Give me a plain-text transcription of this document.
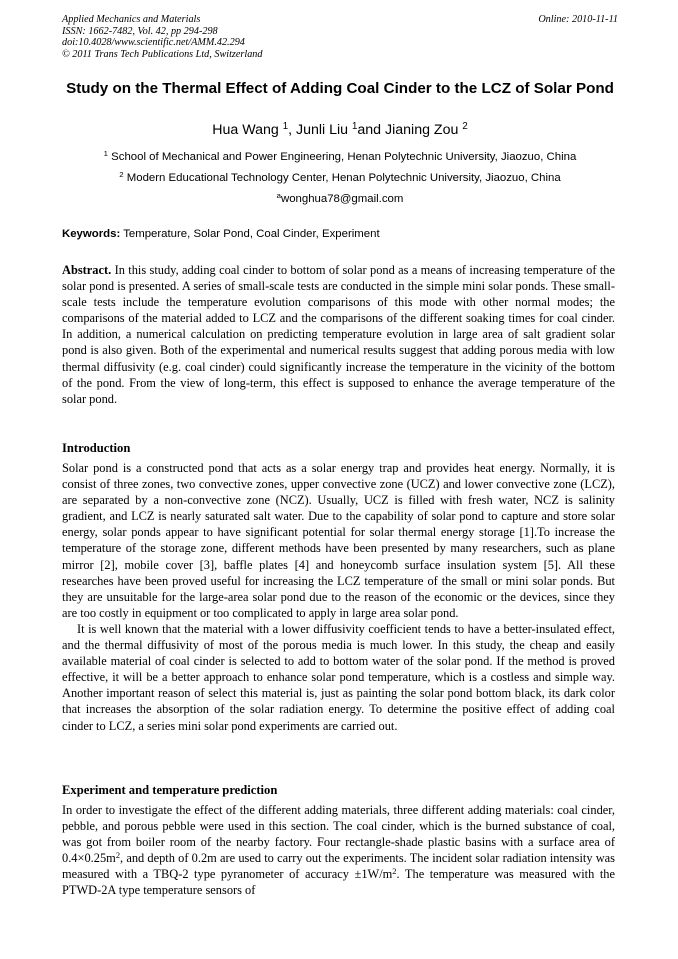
Applied Mechanics and Materials
ISSN: 1662-7482, Vol. 42, pp 294-298
doi:10.4028/www.scientific.net/AMM.42.294
© 2011 Trans Tech Publications Ltd, Switzerland
Online: 2010-11-11
Study on the Thermal Effect of Adding Coal Cinder to the LCZ of Solar Pond
Hua Wang $^1$, Junli Liu $^1$and Jianing Zou $^2$
$^1$ School of Mechanical and Power Engineering, Henan Polytechnic University, Jiaozuo, China
$^2$ Modern Educational Technology Center, Henan Polytechnic University, Jiaozuo, China
$^a$wonghua78@gmail.com
Keywords: Temperature, Solar Pond, Coal Cinder, Experiment

Abstract. In this study, adding coal cinder to bottom of solar pond as a means of increasing temperature of the solar pond is presented. A series of small-scale tests are conducted in the simple mini solar ponds. These small-scale tests include the temperature evolution comparisons of this mode with other normal modes; the comparisons of the material added to LCZ and the comparisons of the different soaking times for coal cinder. In addition, a numerical calculation on predicting temperature evolution in large area of salt gradient solar pond is also given. Both of the experimental and numerical results suggest that adding porous media with low thermal diffusivity (e.g. coal cinder) could significantly increase the temperature in the vicinity of the bottom of the pond. From the view of long-term, this effect is supposed to enhance the average temperature of the solar pond.

Introduction

Solar pond is a constructed pond that acts as a solar energy trap and provides heat energy. Normally, it is consist of three zones, two convective zones, upper convective zone (UCZ) and lower convective zone (LCZ), are separated by a non-convective zone (NCZ). Usually, UCZ is filled with fresh water, NCZ is salinity gradient, and LCZ is nearly saturated salt water. Due to the capability of solar pond to capture and store solar energy, solar ponds appear to have significant potential for solar thermal energy storage [1].To increase the temperature of the storage zone, different methods have been presented by many researchers, such as plane mirror [2], mobile cover [3], baffle plates [4] and honeycomb surface insulation system [5]. All these researches have been proved useful for increasing the LCZ temperature of the small or mini solar ponds. But they are unsuitable for the large-area solar pond due to the reason of the economic or the devices, since they are too costly in equipment or too complicated to apply in large area solar pond.

It is well known that the material with a lower diffusivity coefficient tends to have a better-insulated effect, and the thermal diffusivity of most of the porous media is much lower. In this study, the cheap and easily available material of coal cinder is selected to add to bottom water of the solar pond. If the method is proved effective, it will be a better approach to enhance solar pond temperature, which is a costless and simple way. Another important reason of select this material is, just as painting the solar pond bottom black, its dark color that increases the absorption of the solar radiation energy. To determine the positive effect of adding coal cinder to LCZ, a series mini solar pond experiments are carried out.

Experiment and temperature prediction

In order to investigate the effect of the different adding materials, three different adding materials: coal cinder, pebble, and porous pebble were used in this section. The coal cinder, which is the burned substance of coal, was got from boiler room of the nearby factory. Four rectangle-shade plastic basins with a surface area of $0.4\times 0.25m^2$, and depth of 0.2m are used to carry out the experiments. The incident solar radiation intensity was measured with a TBQ-2 type pyranometer of accuracy $\pm 1W/m^2$. The temperature was measured with the PTWD-2A type temperature sensors of
